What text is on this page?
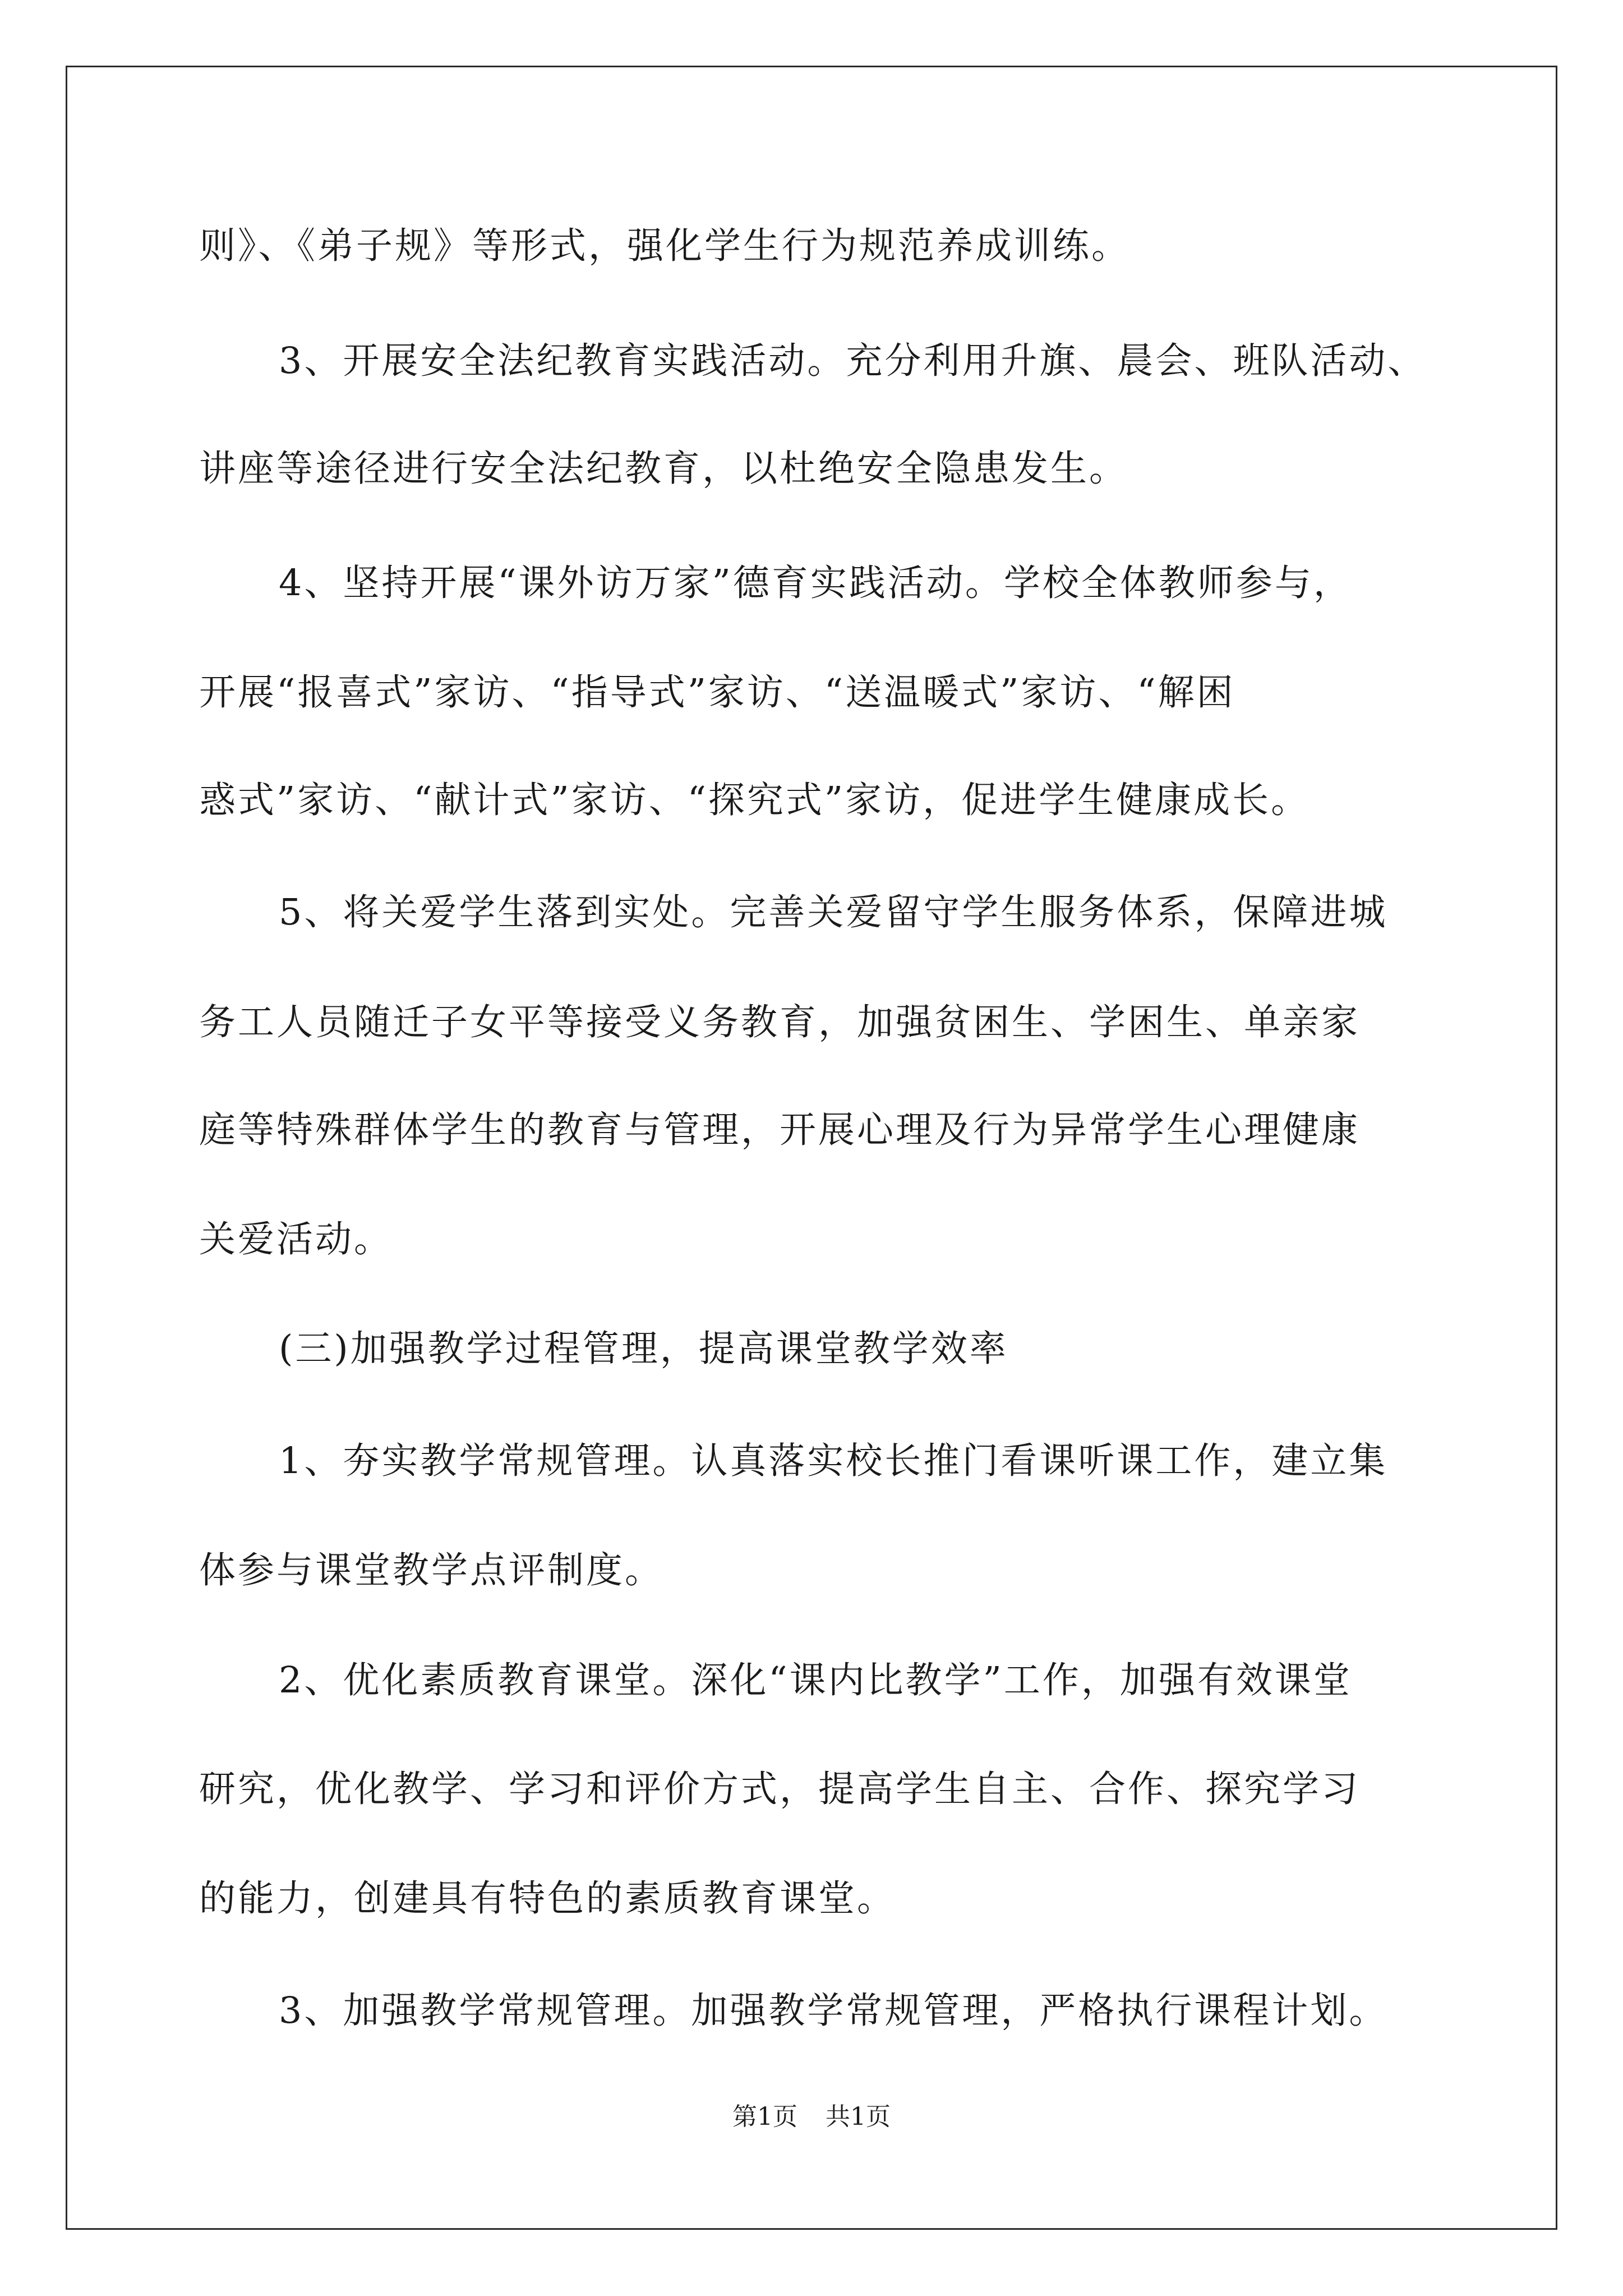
则》、《弟子规》等形式，强化学生行为规范养成训练。
3、开展安全法纪教育实践活动。充分利用升旗、晨会、班队活动、
讲座等途径进行安全法纪教育，以杜绝安全隐患发生。
4、坚持开展“课外访万家”德育实践活动。学校全体教师参与，
开展“报喜式”家访、“指导式”家访、“送温暖式”家访、“解困
惑式”家访、“献计式”家访、“探究式”家访，促进学生健康成长。
5、将关爱学生落到实处。完善关爱留守学生服务体系，保障进城
务工人员随迁子女平等接受义务教育，加强贫困生、学困生、单亲家
庭等特殊群体学生的教育与管理，开展心理及行为异常学生心理健康
关爱活动。
(三)加强教学过程管理，提高课堂教学效率
1、夯实教学常规管理。认真落实校长推门看课听课工作，建立集
体参与课堂教学点评制度。
2、优化素质教育课堂。深化“课内比教学”工作，加强有效课堂
研究，优化教学、学习和评价方式，提高学生自主、合作、探究学习
的能力，创建具有特色的素质教育课堂。
3、加强教学常规管理。加强教学常规管理，严格执行课程计划。
第1页 共1页
